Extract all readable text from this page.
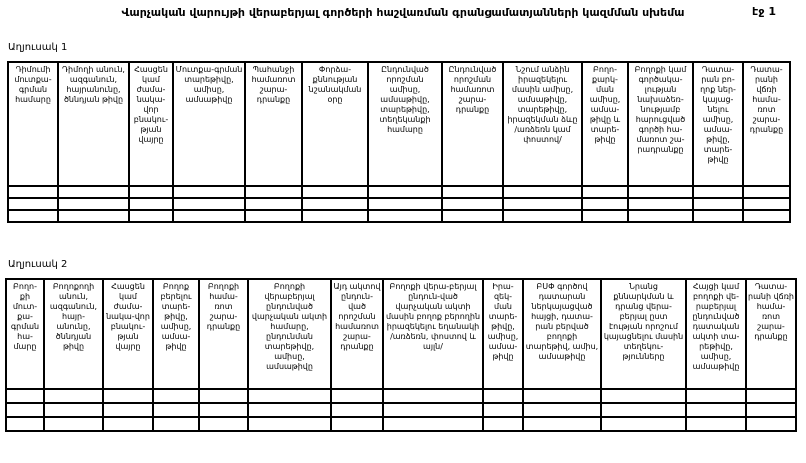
Վարչական վարույթի վերաբերյալ գործերի հաշվառման գրանցամատյանների կազմման սխեմա	էջ 1
Աղյուսակ 1
Դիմումի մուտքա-գրման համարը	Դիմողի անուն, ազգանուն, հայրանունը, ծննդյան թիվը	Հասցեն կամ ժամա-նակա-վոր բնակու-թյան վայրը	Մուտքա-գրման տարեթիվը, ամիսը, ամսաթիվը	Պահանջի համառոտ շարա-դրանքը	Փորձա-քննության նշանակման օրը	Ընդունված որոշման ամիսը, ամսաթիվը, տարեթիվը, տեղեկանքի համարը	Ընդունված որոշման համառոտ շարա-դրանքը	Նշում անձին իրազեկելու մասին ամիսը, ամսաթիվը, տարեթիվը, իրազեկման ձևը /առձեռն կամ փոստով/	Բողո-քարկ-ման ամիսը, ամսա-թիվը և տարե-թիվը	Բողոքի կամ գործակա-լության նախաձեռ-նությամբ հարուցված գործի հա-մառոտ շա-րադրանքը	Դատա-րան բո-ղոք ներ-կայաց-նելու ամիսը, ամսա-թիվը, տարե-թիվը	Դատա-րանի վճռի համա-ռոտ շարա-դրանքը

Աղյուսակ 2
Բողո-քի մուտ-քա-գրման հա-մարը	Բողոքողի անուն, ազգանուն, հայր-անունը, ծննդյան թիվը	Հասցեն կամ ժամա-նակա-վոր բնակու-թյան վայրը	Բողոք բերելու տարե-թիվը, ամիսը, ամսա-թիվը	Բողոքի համա-ռոտ շարա-դրանքը	Բողոքի վերաբերյալ ընդունված վարչական ակտի համարը, ընդունման տարեթիվը, ամիսը, ամսաթիվը	Այդ ակտով ընդուն-ված որոշման համառոտ շարա-դրանքը	Բողոքի վերա-բերյալ ընդուն-ված վարչական ակտի մասին բողոք բերողին իրազեկելու եղանակի /առձեռն, փոստով և այլն/	Իրա-զեկ-ման տարե-թիվը, ամիսը, ամսա-թիվը	ԲՍՓ գործով դատարան ներկայացված հայցի, դատա-րան բերված բողոքի տարեթիվ, ամիս, ամսաթիվը	Նրանց քննարկման և դրանց վերա-բերյալ ըստ էության որոշում կայացնելու մասին տեղեկու-թյունները	Հայցի կամ բողոքի վե-րաբերյալ ընդունված դատական ակտի տա-րեթիվը, ամիսը, ամսաթիվը	Դատա-րանի վճռի համա-ռոտ շարա-դրանքը
